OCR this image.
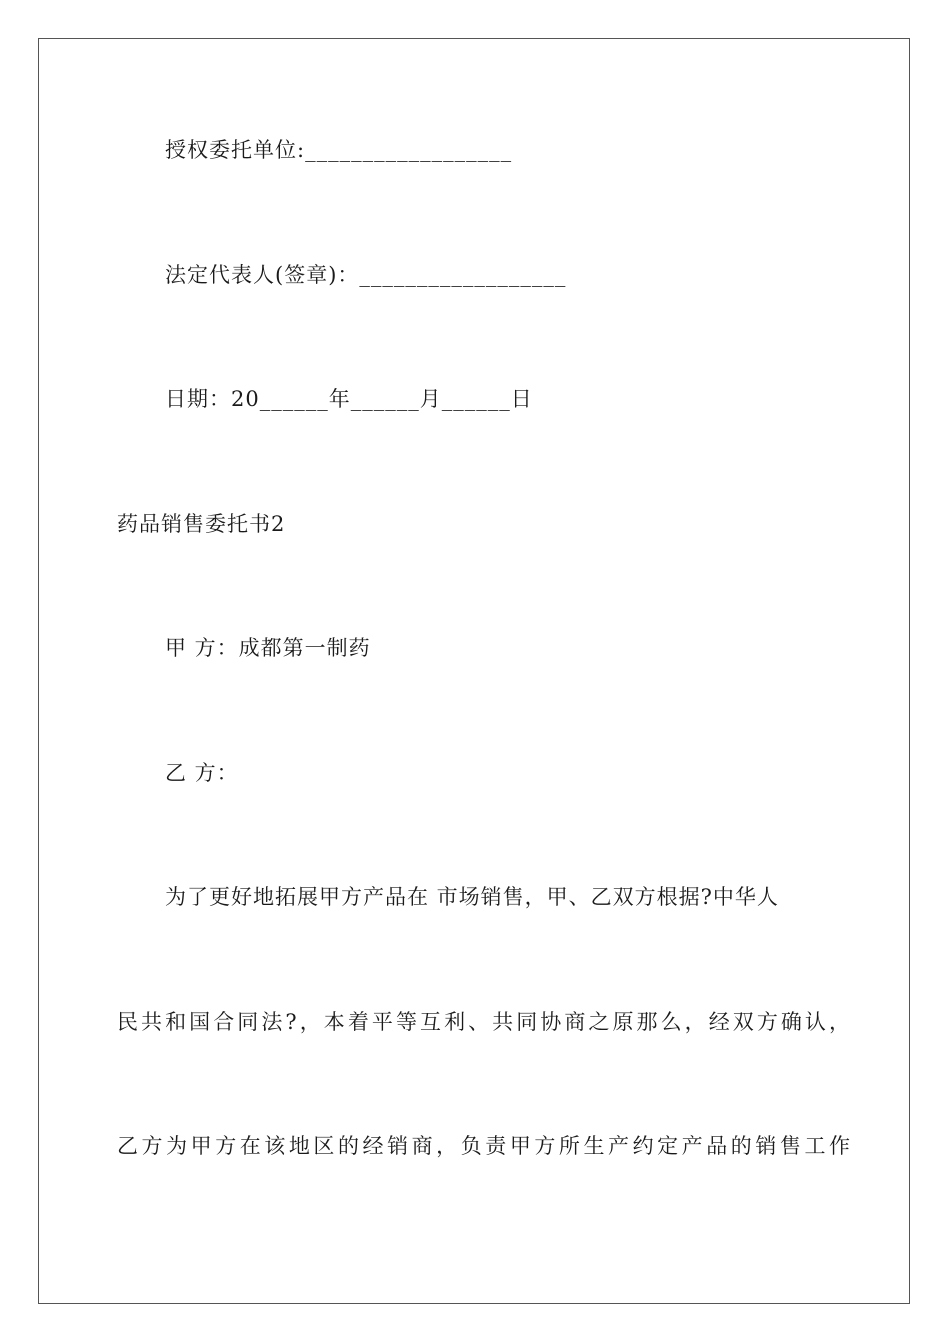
授权委托单位:__________________
法定代表人(签章)：__________________
日期：20______年______月______日
药品销售委托书2
甲 方：成都第一制药
乙 方：
为了更好地拓展甲方产品在 市场销售，甲、乙双方根据?中华人
民共和国合同法?，本着平等互利、共同协商之原那么，经双方确认，
乙方为甲方在该地区的经销商，负责甲方所生产约定产品的销售工作
